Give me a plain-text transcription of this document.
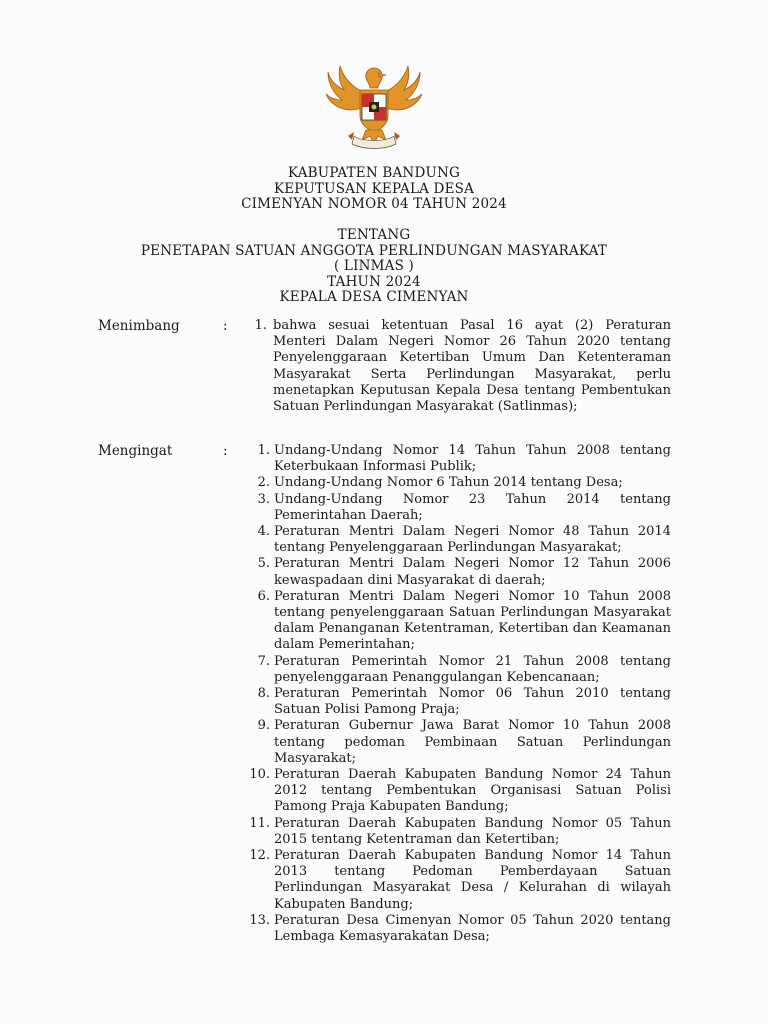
KABUPATEN BANDUNG
KEPUTUSAN KEPALA DESA
CIMENYAN NOMOR 04 TAHUN 2024
TENTANG
PENETAPAN SATUAN ANGGOTA PERLINDUNGAN MASYARAKAT
( LINMAS )
TAHUN 2024
KEPALA DESA CIMENYAN
Menimbang	:	1. bahwa sesuai ketentuan Pasal 16 ayat (2) Peraturan Menteri Dalam Negeri Nomor 26 Tahun 2020 tentang Penyelenggaraan Ketertiban Umum Dan Ketenteraman Masyarakat Serta Perlindungan Masyarakat, perlu menetapkan Keputusan Kepala Desa tentang Pembentukan Satuan Perlindungan Masyarakat (Satlinmas);
Mengingat	:	1. Undang-Undang Nomor 14 Tahun Tahun 2008 tentang Keterbukaan Informasi Publik;
2. Undang-Undang Nomor 6 Tahun 2014 tentang Desa;
3. Undang-Undang Nomor 23 Tahun 2014 tentang Pemerintahan Daerah;
4. Peraturan Mentri Dalam Negeri Nomor 48 Tahun 2014 tentang Penyelenggaraan Perlindungan Masyarakat;
5. Peraturan Mentri Dalam Negeri Nomor 12 Tahun 2006 kewaspadaan dini Masyarakat di daerah;
6. Peraturan Mentri Dalam Negeri Nomor 10 Tahun 2008 tentang penyelenggaraan Satuan Perlindungan Masyarakat dalam Penanganan Ketentraman, Ketertiban dan Keamanan dalam Pemerintahan;
7. Peraturan Pemerintah Nomor 21 Tahun 2008 tentang penyelenggaraan Penanggulangan Kebencanaan;
8. Peraturan Pemerintah Nomor 06 Tahun 2010 tentang Satuan Polisi Pamong Praja;
9. Peraturan Gubernur Jawa Barat Nomor 10 Tahun 2008 tentang pedoman Pembinaan Satuan Perlindungan Masyarakat;
10. Peraturan Daerah Kabupaten Bandung Nomor 24 Tahun 2012 tentang Pembentukan Organisasi Satuan Polisi Pamong Praja Kabupaten Bandung;
11. Peraturan Daerah Kabupaten Bandung Nomor 05 Tahun 2015 tentang Ketentraman dan Ketertiban;
12. Peraturan Daerah Kabupaten Bandung Nomor 14 Tahun 2013 tentang Pedoman Pemberdayaan Satuan Perlindungan Masyarakat Desa / Kelurahan di wilayah Kabupaten Bandung;
13. Peraturan Desa Cimenyan Nomor 05 Tahun 2020 tentang Lembaga Kemasyarakatan Desa;
